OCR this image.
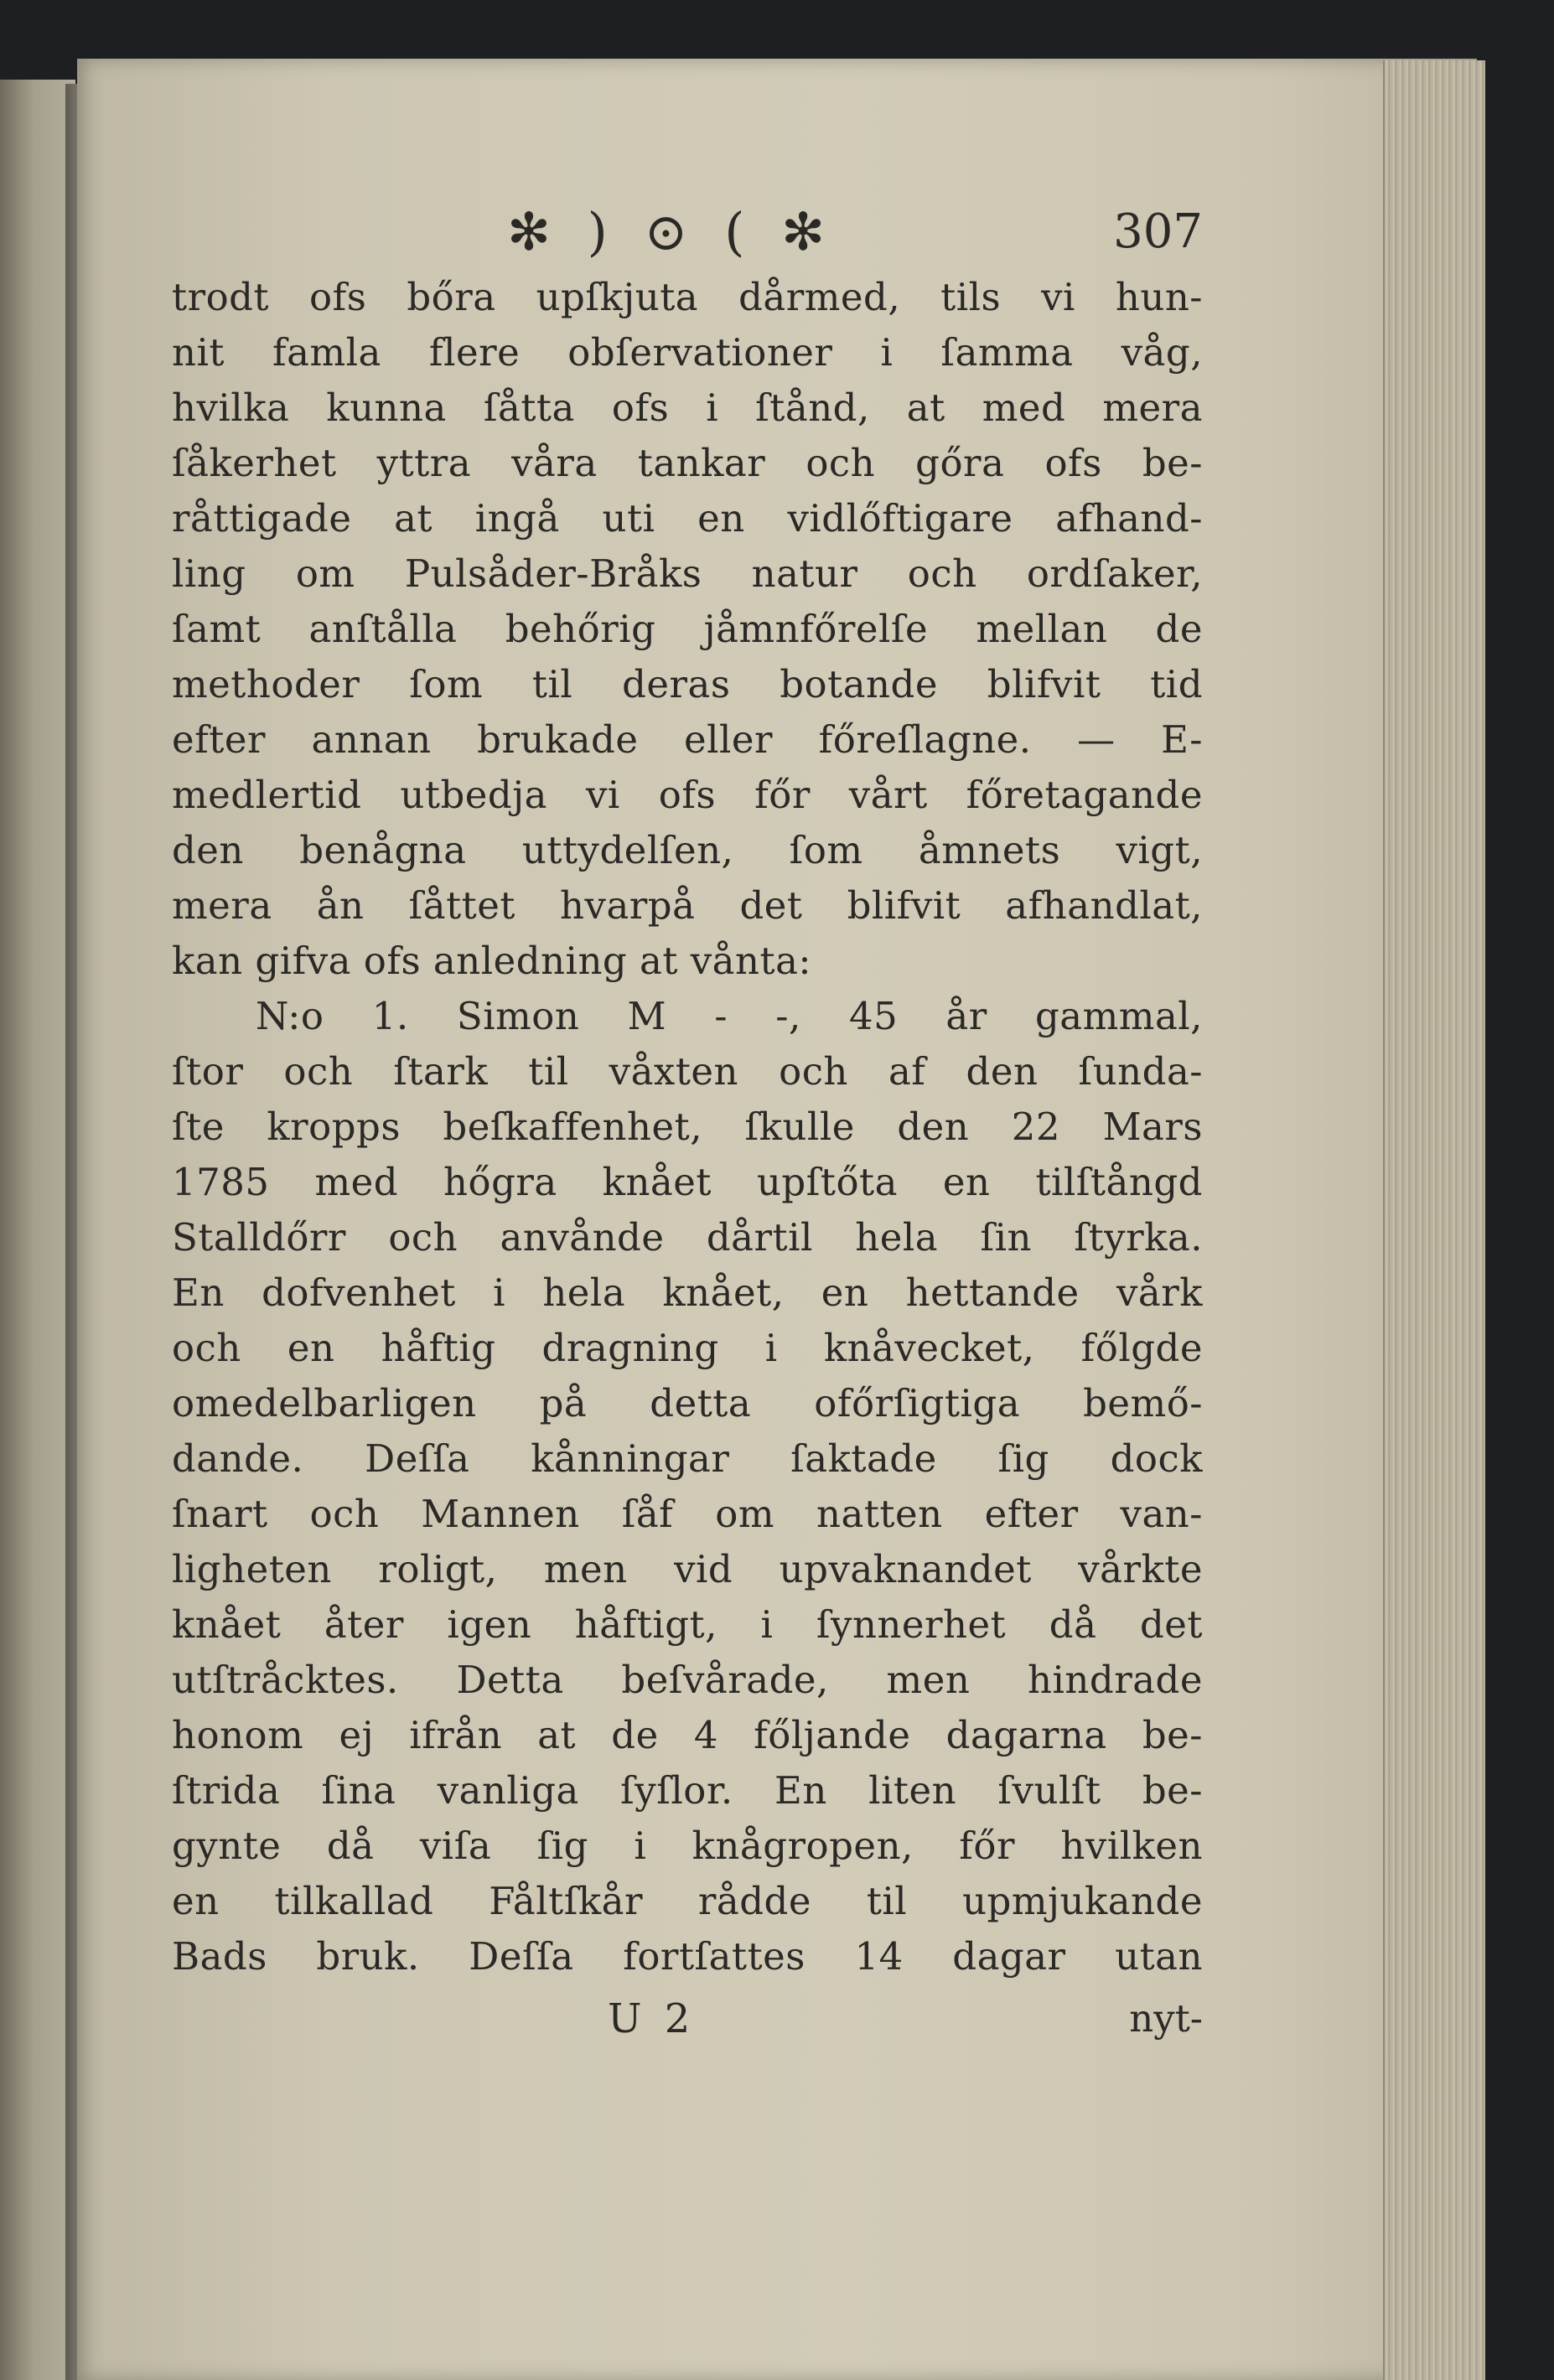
✻ ) ⊙ ( ✻	307
trodt ofs bőra upſkjuta dårmed, tils vi hun-
nit famla flere obſervationer i ſamma våg,
hvilka kunna ſåtta ofs i ſtånd, at med mera
ſåkerhet yttra våra tankar och gőra ofs be-
råttigade at ingå uti en vidlőftigare afhand-
ling om Pulsåder-Bråks natur och ordſaker,
ſamt anſtålla behőrig jåmnfőrelſe mellan de
methoder ſom til deras botande blifvit tid
efter annan brukade eller főreſlagne. — E-
medlertid utbedja vi ofs főr vårt főretagande
den benågna uttydelſen, ſom åmnets vigt,
mera ån ſåttet hvarpå det blifvit afhandlat,
kan gifva ofs anledning at vånta:
N:o 1. Simon M - -, 45 år gammal,
ſtor och ſtark til våxten och af den ſunda-
ſte kropps beſkaffenhet, ſkulle den 22 Mars
1785 med hőgra knået upſtőta en tilſtångd
Stalldőrr och anvånde dårtil hela ſin ſtyrka.
En dofvenhet i hela knået, en hettande vårk
och en håftig dragning i knåvecket, főlgde
omedelbarligen på detta ofőrſigtiga bemő-
dande. Deſſa kånningar ſaktade ſig dock
ſnart och Mannen ſåf om natten efter van-
ligheten roligt, men vid upvaknandet vårkte
knået åter igen håftigt, i ſynnerhet då det
utſtråcktes. Detta beſvårade, men hindrade
honom ej ifrån at de 4 főljande dagarna be-
ſtrida ſina vanliga ſyſlor. En liten ſvulſt be-
gynte då viſa ſig i knågropen, főr hvilken
en tilkallad Fåltſkår rådde til upmjukande
Bads bruk. Deſſa fortſattes 14 dagar utan
U 2	nyt-
